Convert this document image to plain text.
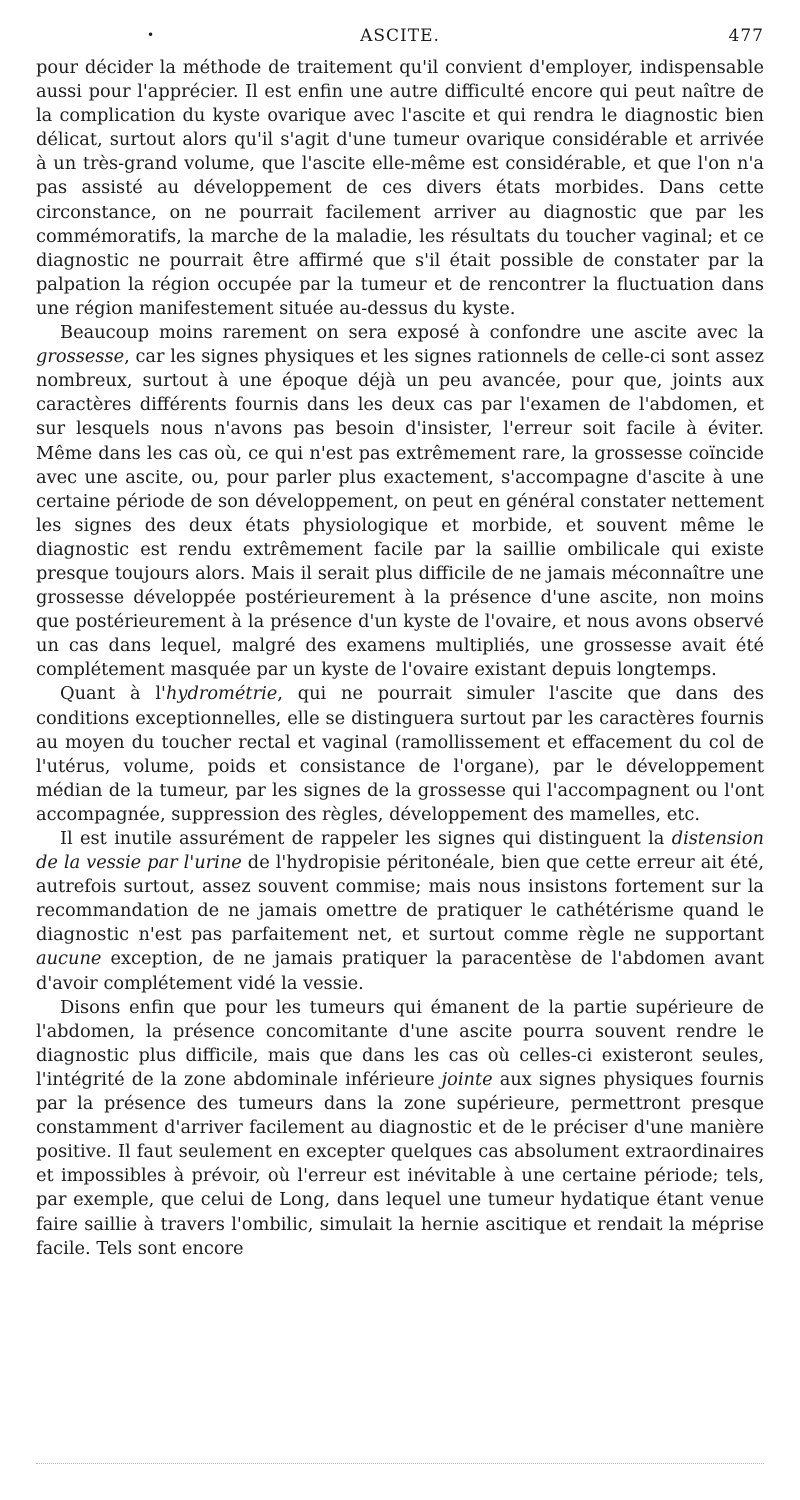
•	ASCITE.	477

pour décider la méthode de traitement qu'il convient d'employer, indispensable aussi pour l'apprécier. Il est enfin une autre difficulté encore qui peut naître de la complication du kyste ovarique avec l'ascite et qui rendra le diagnostic bien délicat, surtout alors qu'il s'agit d'une tumeur ovarique considérable et arrivée à un très-grand volume, que l'ascite elle-même est considérable, et que l'on n'a pas assisté au développement de ces divers états morbides. Dans cette circonstance, on ne pourrait facilement arriver au diagnostic que par les commémoratifs, la marche de la maladie, les résultats du toucher vaginal; et ce diagnostic ne pourrait être affirmé que s'il était possible de constater par la palpation la région occupée par la tumeur et de rencontrer la fluctuation dans une région manifestement située au-dessus du kyste.

Beaucoup moins rarement on sera exposé à confondre une ascite avec la grossesse, car les signes physiques et les signes rationnels de celle-ci sont assez nombreux, surtout à une époque déjà un peu avancée, pour que, joints aux caractères différents fournis dans les deux cas par l'examen de l'abdomen, et sur lesquels nous n'avons pas besoin d'insister, l'erreur soit facile à éviter. Même dans les cas où, ce qui n'est pas extrêmement rare, la grossesse coïncide avec une ascite, ou, pour parler plus exactement, s'accompagne d'ascite à une certaine période de son développement, on peut en général constater nettement les signes des deux états physiologique et morbide, et souvent même le diagnostic est rendu extrêmement facile par la saillie ombilicale qui existe presque toujours alors. Mais il serait plus difficile de ne jamais méconnaître une grossesse développée postérieurement à la présence d'une ascite, non moins que postérieurement à la présence d'un kyste de l'ovaire, et nous avons observé un cas dans lequel, malgré des examens multipliés, une grossesse avait été complétement masquée par un kyste de l'ovaire existant depuis longtemps.

Quant à l'hydrométrie, qui ne pourrait simuler l'ascite que dans des conditions exceptionnelles, elle se distinguera surtout par les caractères fournis au moyen du toucher rectal et vaginal (ramollissement et effacement du col de l'utérus, volume, poids et consistance de l'organe), par le développement médian de la tumeur, par les signes de la grossesse qui l'accompagnent ou l'ont accompagnée, suppression des règles, développement des mamelles, etc.

Il est inutile assurément de rappeler les signes qui distinguent la distension de la vessie par l'urine de l'hydropisie péritonéale, bien que cette erreur ait été, autrefois surtout, assez souvent commise; mais nous insistons fortement sur la recommandation de ne jamais omettre de pratiquer le cathétérisme quand le diagnostic n'est pas parfaitement net, et surtout comme règle ne supportant aucune exception, de ne jamais pratiquer la paracentèse de l'abdomen avant d'avoir complétement vidé la vessie.

Disons enfin que pour les tumeurs qui émanent de la partie supérieure de l'abdomen, la présence concomitante d'une ascite pourra souvent rendre le diagnostic plus difficile, mais que dans les cas où celles-ci existeront seules, l'intégrité de la zone abdominale inférieure jointe aux signes physiques fournis par la présence des tumeurs dans la zone supérieure, permettront presque constamment d'arriver facilement au diagnostic et de le préciser d'une manière positive. Il faut seulement en excepter quelques cas absolument extraordinaires et impossibles à prévoir, où l'erreur est inévitable à une certaine période; tels, par exemple, que celui de Long, dans lequel une tumeur hydatique étant venue faire saillie à travers l'ombilic, simulait la hernie ascitique et rendait la méprise facile. Tels sont encore
